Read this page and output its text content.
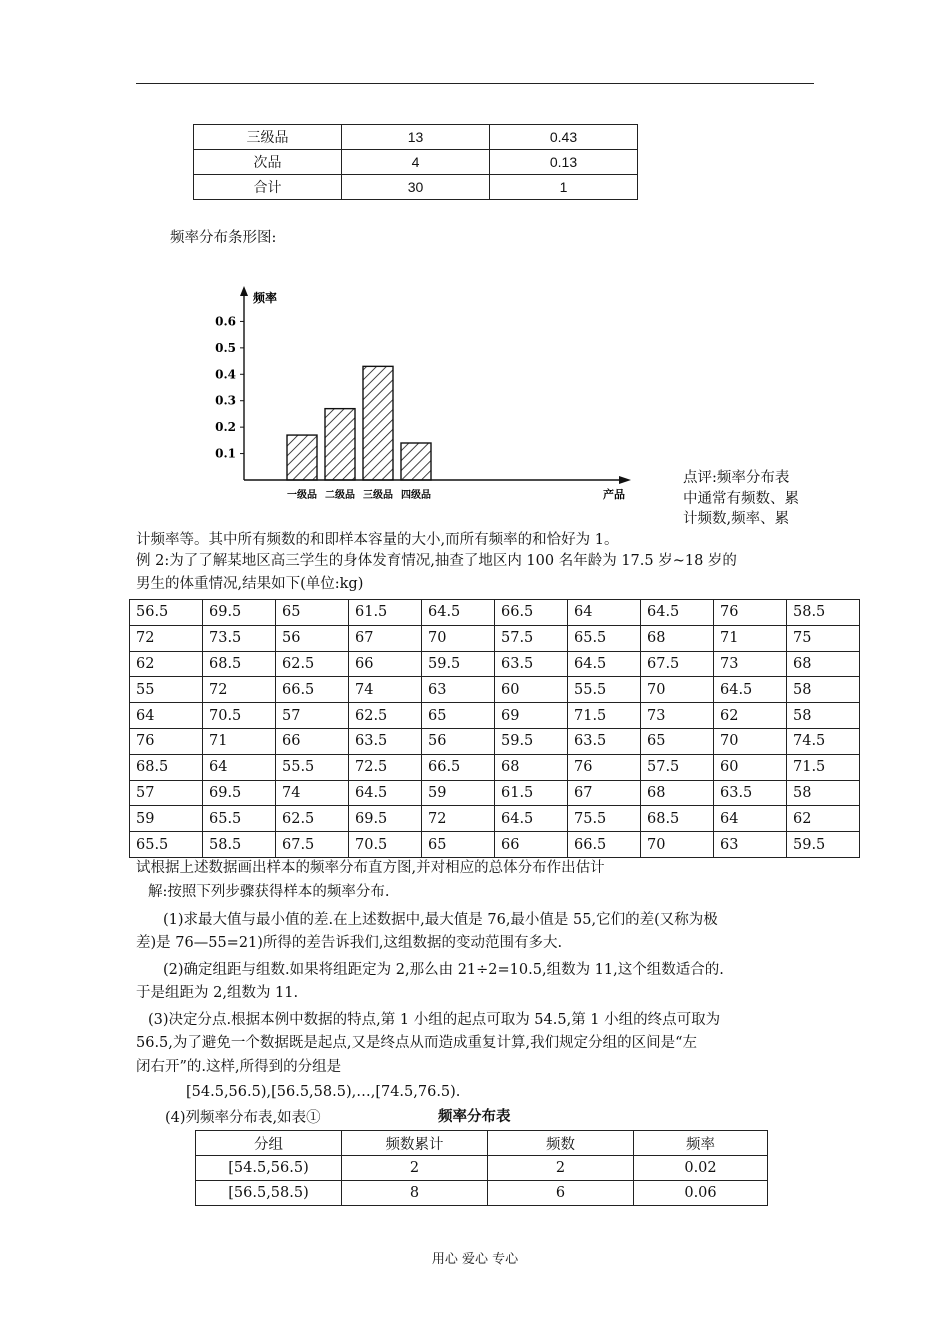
三级品	13	0.43
次品	4	0.13
合计	30	1
频率分布条形图:
频率
产品
0.1
0.2
0.3
0.4
0.5
0.6
一级品 二级品 三级品 四级品
点评:频率分布表
中通常有频数、累
计频数,频率、累
计频率等。其中所有频数的和即样本容量的大小,而所有频率的和恰好为 1。
例 2:为了了解某地区高三学生的身体发育情况,抽查了地区内 100 名年龄为 17.5 岁~18 岁的
男生的体重情况,结果如下(单位:kg)
56.5	69.5	65	61.5	64.5	66.5	64	64.5	76	58.5
72	73.5	56	67	70	57.5	65.5	68	71	75
62	68.5	62.5	66	59.5	63.5	64.5	67.5	73	68
55	72	66.5	74	63	60	55.5	70	64.5	58
64	70.5	57	62.5	65	69	71.5	73	62	58
76	71	66	63.5	56	59.5	63.5	65	70	74.5
68.5	64	55.5	72.5	66.5	68	76	57.5	60	71.5
57	69.5	74	64.5	59	61.5	67	68	63.5	58
59	65.5	62.5	69.5	72	64.5	75.5	68.5	64	62
65.5	58.5	67.5	70.5	65	66	66.5	70	63	59.5
试根据上述数据画出样本的频率分布直方图,并对相应的总体分布作出估计
解:按照下列步骤获得样本的频率分布.
(1)求最大值与最小值的差.在上述数据中,最大值是 76,最小值是 55,它们的差(又称为极
差)是 76—55=21)所得的差告诉我们,这组数据的变动范围有多大.
(2)确定组距与组数.如果将组距定为 2,那么由 21÷2=10.5,组数为 11,这个组数适合的.
于是组距为 2,组数为 11.
(3)决定分点.根据本例中数据的特点,第 1 小组的起点可取为 54.5,第 1 小组的终点可取为
56.5,为了避免一个数据既是起点,又是终点从而造成重复计算,我们规定分组的区间是“左
闭右开”的.这样,所得到的分组是
[54.5,56.5),[56.5,58.5),…,[74.5,76.5).
(4)列频率分布表,如表①	频率分布表
分组	频数累计	频数	频率
[54.5,56.5)	2	2	0.02
[56.5,58.5)	8	6	0.06
用心 爱心 专心
